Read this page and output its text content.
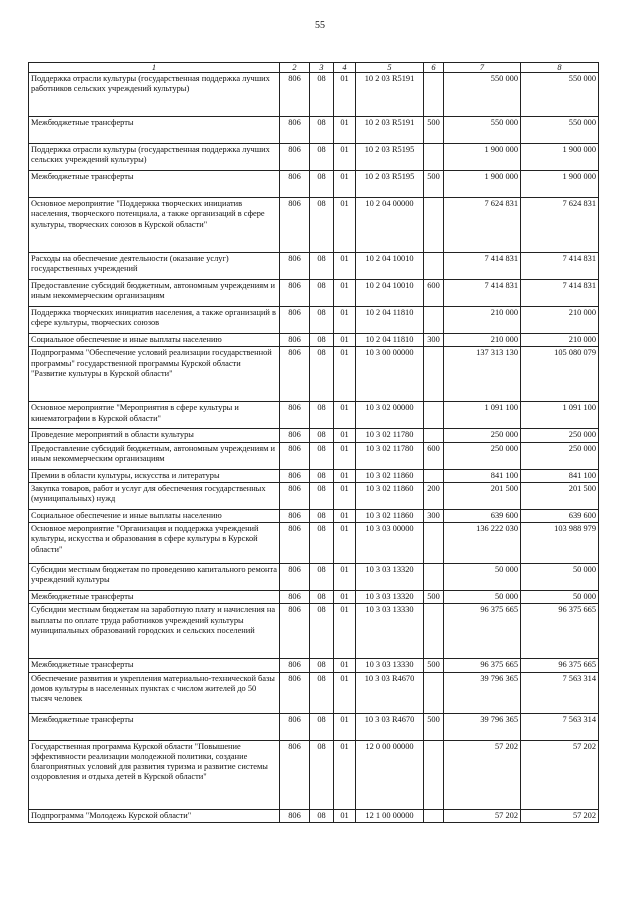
55
1	2	3	4	5	6	7	8
Поддержка отрасли культуры (государственная поддержка лучших работников сельских учреждений культуры)	806	08	01	10 2 03 R5191		550 000	550 000
Межбюджетные трансферты	806	08	01	10 2 03 R5191	500	550 000	550 000
Поддержка отрасли культуры (государственная поддержка лучших сельских учреждений культуры)	806	08	01	10 2 03 R5195		1 900 000	1 900 000
Межбюджетные трансферты	806	08	01	10 2 03 R5195	500	1 900 000	1 900 000
Основное мероприятие "Поддержка творческих инициатив населения, творческого потенциала, а также организаций в сфере культуры, творческих союзов в Курской области"	806	08	01	10 2 04 00000		7 624 831	7 624 831
Расходы на обеспечение деятельности (оказание услуг) государственных учреждений	806	08	01	10 2 04 10010		7 414 831	7 414 831
Предоставление субсидий бюджетным, автономным учреждениям и иным некоммерческим организациям	806	08	01	10 2 04 10010	600	7 414 831	7 414 831
Поддержка творческих инициатив населения, а также организаций в сфере культуры, творческих союзов	806	08	01	10 2 04 11810		210 000	210 000
Социальное обеспечение и иные выплаты населению	806	08	01	10 2 04 11810	300	210 000	210 000
Подпрограмма "Обеспечение условий реализации государственной программы" государственной программы Курской области "Развитие культуры в Курской области"	806	08	01	10 3 00 00000		137 313 130	105 080 079
Основное мероприятие "Мероприятия в сфере культуры и кинематографии в Курской области"	806	08	01	10 3 02 00000		1 091 100	1 091 100
Проведение мероприятий в области культуры	806	08	01	10 3 02 11780		250 000	250 000
Предоставление субсидий бюджетным, автономным учреждениям и иным некоммерческим организациям	806	08	01	10 3 02 11780	600	250 000	250 000
Премии в области культуры, искусства и литературы	806	08	01	10 3 02 11860		841 100	841 100
Закупка товаров, работ и услуг для обеспечения государственных (муниципальных) нужд	806	08	01	10 3 02 11860	200	201 500	201 500
Социальное обеспечение и иные выплаты населению	806	08	01	10 3 02 11860	300	639 600	639 600
Основное мероприятие "Организация и поддержка учреждений культуры, искусства и образования в сфере культуры в Курской области"	806	08	01	10 3 03 00000		136 222 030	103 988 979
Субсидии местным бюджетам по проведению капитального ремонта учреждений культуры	806	08	01	10 3 03 13320		50 000	50 000
Межбюджетные трансферты	806	08	01	10 3 03 13320	500	50 000	50 000
Субсидии местным бюджетам на заработную плату и начисления на выплаты по оплате труда работников учреждений культуры муниципальных образований городских и сельских поселений	806	08	01	10 3 03 13330		96 375 665	96 375 665
Межбюджетные трансферты	806	08	01	10 3 03 13330	500	96 375 665	96 375 665
Обеспечение развития и укрепления материально-технической базы домов культуры в населенных пунктах с числом жителей до 50 тысяч человек	806	08	01	10 3 03 R4670		39 796 365	7 563 314
Межбюджетные трансферты	806	08	01	10 3 03 R4670	500	39 796 365	7 563 314
Государственная программа Курской области "Повышение эффективности реализации молодежной политики, создание благоприятных условий для развития туризма и развитие системы оздоровления и отдыха детей в Курской области"	806	08	01	12 0 00 00000		57 202	57 202
Подпрограмма "Молодежь Курской области"	806	08	01	12 1 00 00000		57 202	57 202
